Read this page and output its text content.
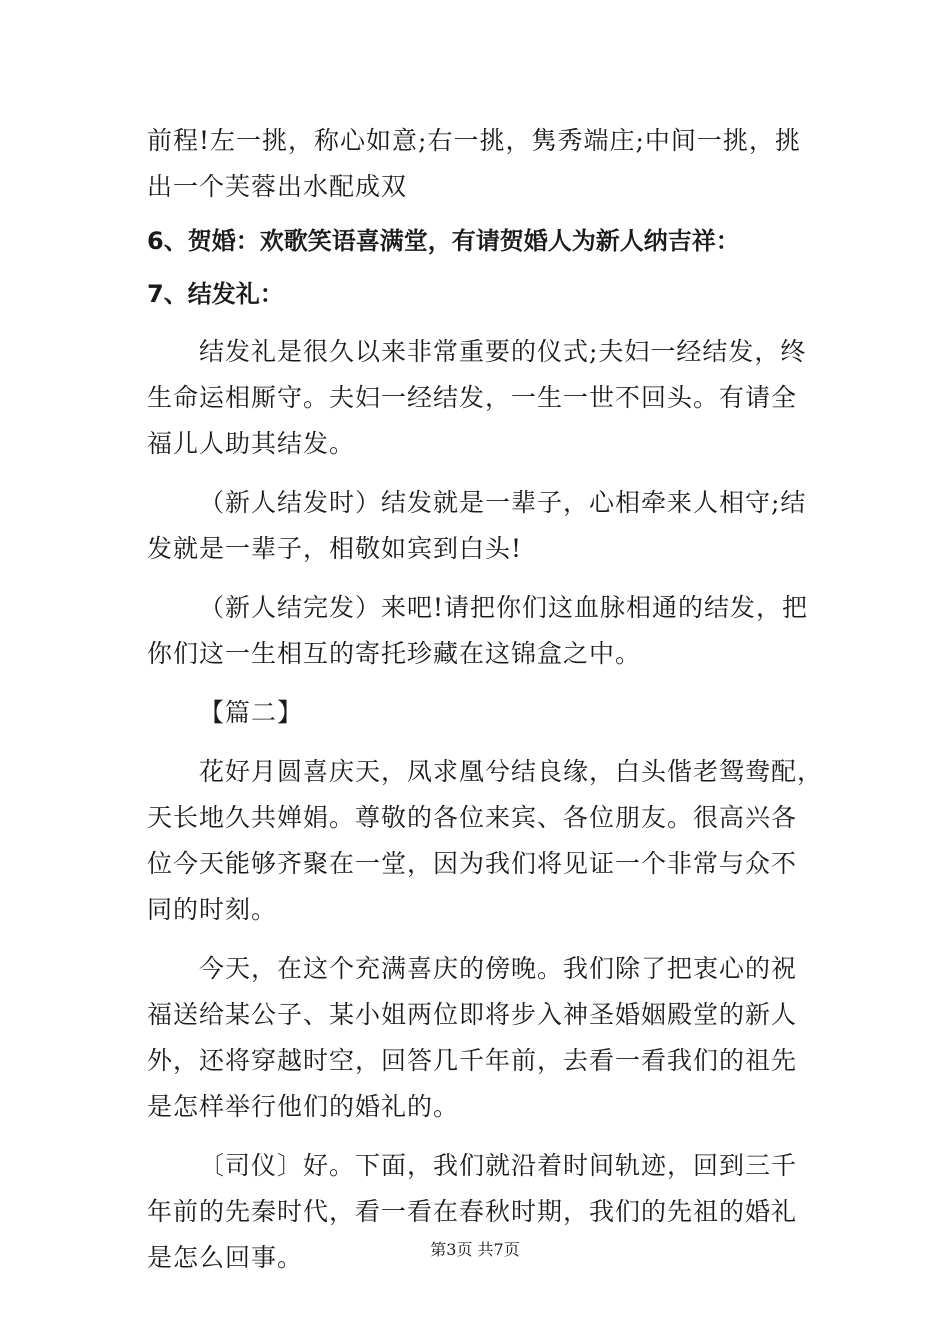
前程!左一挑，称心如意;右一挑，隽秀端庄;中间一挑，挑
出一个芙蓉出水配成双
6、贺婚：欢歌笑语喜满堂，有请贺婚人为新人纳吉祥：
7、结发礼：
结发礼是很久以来非常重要的仪式;夫妇一经结发，终
生命运相厮守。夫妇一经结发，一生一世不回头。有请全
福儿人助其结发。
（新人结发时）结发就是一辈子，心相牵来人相守;结
发就是一辈子，相敬如宾到白头!
（新人结完发）来吧!请把你们这血脉相通的结发，把
你们这一生相互的寄托珍藏在这锦盒之中。
【篇二】
花好月圆喜庆天，凤求凰兮结良缘，白头偕老鸳鸯配，
天长地久共婵娟。尊敬的各位来宾、各位朋友。很高兴各
位今天能够齐聚在一堂，因为我们将见证一个非常与众不
同的时刻。
今天，在这个充满喜庆的傍晚。我们除了把衷心的祝
福送给某公子、某小姐两位即将步入神圣婚姻殿堂的新人
外，还将穿越时空，回答几千年前，去看一看我们的祖先
是怎样举行他们的婚礼的。
〔司仪〕好。下面，我们就沿着时间轨迹，回到三千
年前的先秦时代，看一看在春秋时期，我们的先祖的婚礼
是怎么回事。	第3页 共7页
